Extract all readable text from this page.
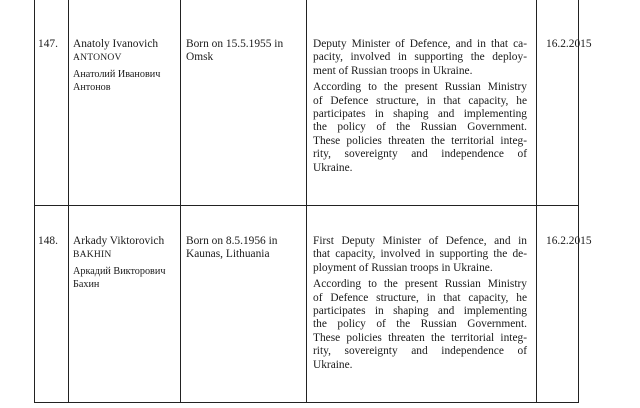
147. Anatoly Ivanovich
ANTONOV
Анатолий Иванович
Антонов
Born on 15.5.1955 in
Omsk

Deputy Minister of Defence, and in that ca-
pacity, involved in supporting the deploy-
ment of Russian troops in Ukraine.

According to the present Russian Ministry
of Defence structure, in that capacity, he
participates in shaping and implementing
the policy of the Russian Government.
These policies threaten the territorial integ-
rity, sovereignty and independence of
Ukraine.

16.2.2015
148. Arkady Viktorovich
BAKHIN
Аркадий Викторович
Бахин
Born on 8.5.1956 in
Kaunas, Lithuania

First Deputy Minister of Defence, and in
that capacity, involved in supporting the de-
ployment of Russian troops in Ukraine.

According to the present Russian Ministry
of Defence structure, in that capacity, he
participates in shaping and implementing
the policy of the Russian Government.
These policies threaten the territorial integ-
rity, sovereignty and independence of
Ukraine.

16.2.2015
